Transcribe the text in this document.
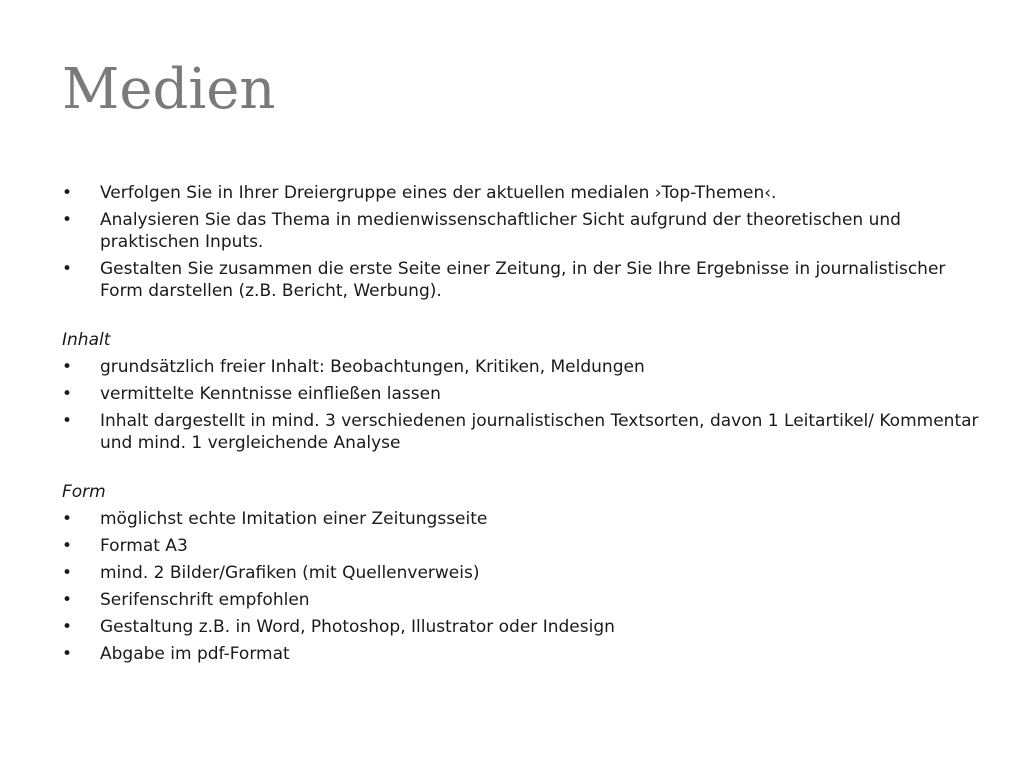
Medien
•	Verfolgen Sie in Ihrer Dreiergruppe eines der aktuellen medialen ›Top-Themen‹.
•	Analysieren Sie das Thema in medienwissenschaftlicher Sicht aufgrund der theoretischen und praktischen Inputs.
•	Gestalten Sie zusammen die erste Seite einer Zeitung, in der Sie Ihre Ergebnisse in journalistischer Form darstellen (z.B. Bericht, Werbung).

Inhalt

•	grundsätzlich freier Inhalt: Beobachtungen, Kritiken, Meldungen
•	vermittelte Kenntnisse einfließen lassen
•	Inhalt dargestellt in mind. 3 verschiedenen journalistischen Textsorten, davon 1 Leitartikel/ Kommentar und mind. 1 vergleichende Analyse

Form

•	möglichst echte Imitation einer Zeitungsseite
•	Format A3
•	mind. 2 Bilder/Grafiken (mit Quellenverweis)
•	Serifenschrift empfohlen
•	Gestaltung z.B. in Word, Photoshop, Illustrator oder Indesign
•	Abgabe im pdf-Format
